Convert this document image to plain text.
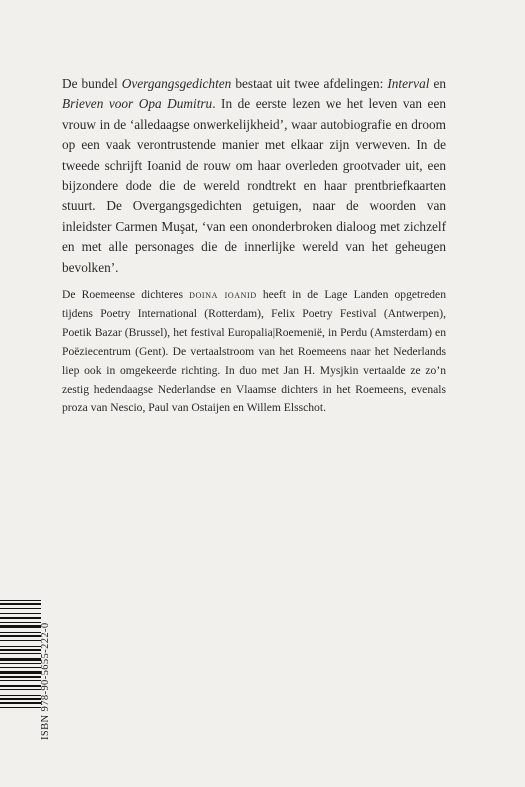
De bundel Overgangsgedichten bestaat uit twee afdelingen: Interval en Brieven voor Opa Dumitru. In de eerste lezen we het leven van een vrouw in de ‘alledaagse onwerkelijkheid’, waar autobiografie en droom op een vaak verontrustende manier met elkaar zijn verweven. In de tweede schrijft Ioanid de rouw om haar overleden grootvader uit, een bijzondere dode die de wereld rondtrekt en haar prentbriefkaarten stuurt. De Overgangsgedichten getuigen, naar de woorden van inleidster Carmen Muşat, ‘van een ononderbroken dialoog met zichzelf en met alle personages die de innerlijke wereld van het geheugen bevolken’.
De Roemeense dichteres doina ioanid heeft in de Lage Landen opgetreden tijdens Poetry International (Rotterdam), Felix Poetry Festival (Antwerpen), Poetik Bazar (Brussel), het festival Europalia|Roemenië, in Perdu (Amsterdam) en Poëziecentrum (Gent). De vertaalstroom van het Roemeens naar het Nederlands liep ook in omgekeerde richting. In duo met Jan H. Mysjkin vertaalde ze zo’n zestig hedendaagse Nederlandse en Vlaamse dichters in het Roemeens, evenals proza van Nescio, Paul van Ostaijen en Willem Elsschot.
ISBN 978-90-5655-222-0
